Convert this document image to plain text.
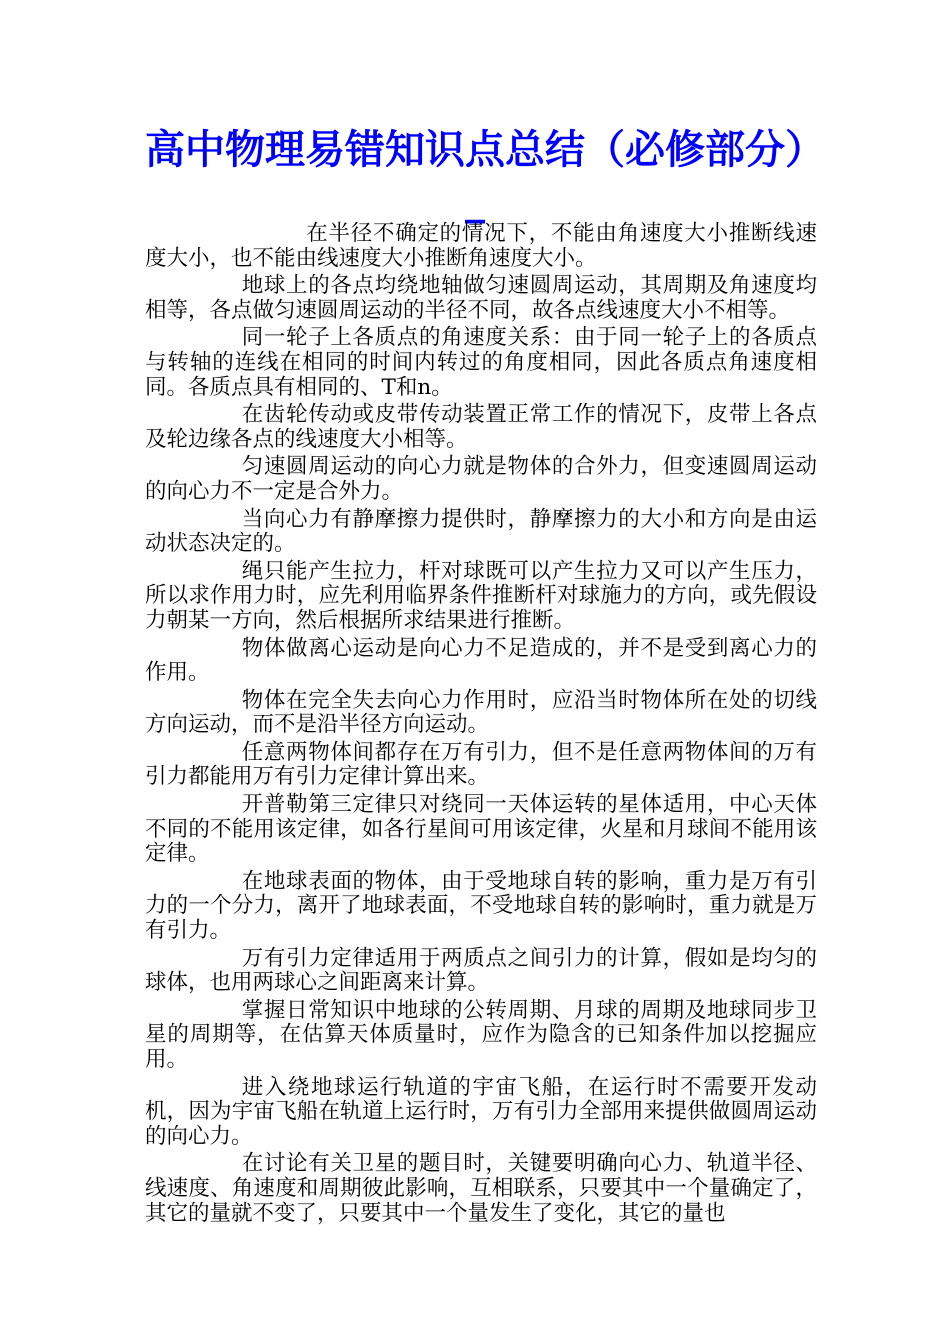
高中物理易错知识点总结（必修部分）_

在半径不确定的情况下，不能由角速度大小推断线速度大小，也不能由线速度大小推断角速度大小。

地球上的各点均绕地轴做匀速圆周运动，其周期及角速度均相等，各点做匀速圆周运动的半径不同，故各点线速度大小不相等。

同一轮子上各质点的角速度关系：由于同一轮子上的各质点与转轴的连线在相同的时间内转过的角度相同，因此各质点角速度相同。各质点具有相同的、T和n。

在齿轮传动或皮带传动装置正常工作的情况下，皮带上各点及轮边缘各点的线速度大小相等。

匀速圆周运动的向心力就是物体的合外力，但变速圆周运动的向心力不一定是合外力。

当向心力有静摩擦力提供时，静摩擦力的大小和方向是由运动状态决定的。

绳只能产生拉力，杆对球既可以产生拉力又可以产生压力，所以求作用力时，应先利用临界条件推断杆对球施力的方向，或先假设力朝某一方向，然后根据所求结果进行推断。

物体做离心运动是向心力不足造成的，并不是受到离心力的作用。

物体在完全失去向心力作用时，应沿当时物体所在处的切线方向运动，而不是沿半径方向运动。

任意两物体间都存在万有引力，但不是任意两物体间的万有引力都能用万有引力定律计算出来。

开普勒第三定律只对绕同一天体运转的星体适用，中心天体不同的不能用该定律，如各行星间可用该定律，火星和月球间不能用该定律。

在地球表面的物体，由于受地球自转的影响，重力是万有引力的一个分力，离开了地球表面，不受地球自转的影响时，重力就是万有引力。

万有引力定律适用于两质点之间引力的计算，假如是均匀的球体，也用两球心之间距离来计算。

掌握日常知识中地球的公转周期、月球的周期及地球同步卫星的周期等，在估算天体质量时，应作为隐含的已知条件加以挖掘应用。

进入绕地球运行轨道的宇宙飞船，在运行时不需要开发动机，因为宇宙飞船在轨道上运行时，万有引力全部用来提供做圆周运动的向心力。

在讨论有关卫星的题目时，关键要明确向心力、轨道半径、线速度、角速度和周期彼此影响，互相联系，只要其中一个量确定了，其它的量就不变了，只要其中一个量发生了变化，其它的量也
